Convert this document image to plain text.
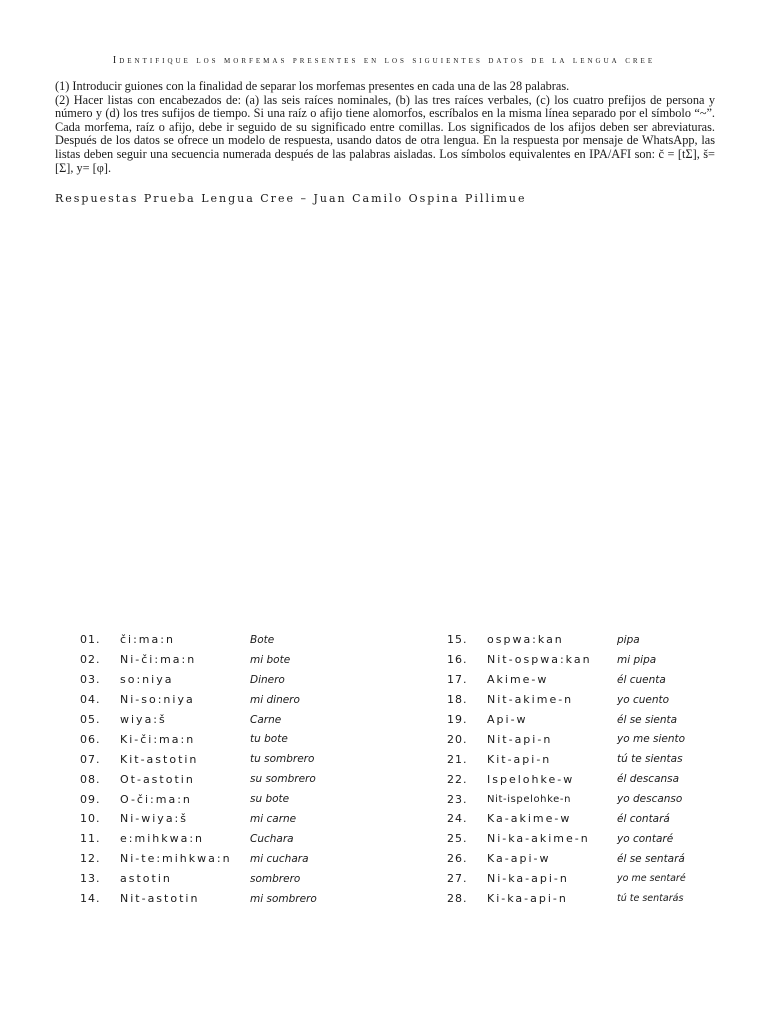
Identifique los morfemas presentes en los siguientes datos de la lengua cree

(1) Introducir guiones con la finalidad de separar los morfemas presentes en cada una de las 28 palabras.

(2) Hacer listas con encabezados de: (a) las seis raíces nominales, (b) las tres raíces verbales, (c) los cuatro prefijos de persona y número y (d) los tres sufijos de tiempo. Si una raíz o afijo tiene alomorfos, escríbalos en la misma línea separado por el símbolo “~”. Cada morfema, raíz o afijo, debe ir seguido de su significado entre comillas. Los significados de los afijos deben ser abreviaturas. Después de los datos se ofrece un modelo de respuesta, usando datos de otra lengua. En la respuesta por mensaje de WhatsApp, las listas deben seguir una secuencia numerada después de las palabras aisladas. Los símbolos equivalentes en IPA/AFI son: č = [tΣ], š= [Σ], y= [φ].

Respuestas Prueba Lengua Cree – Juan Camilo Ospina Pillimue
01.	či:ma:n	Bote
02.	Ni-či:ma:n	mi bote
03.	so:niya	Dinero
04.	Ni-so:niya	mi dinero
05.	wiya:š	Carne
06.	Ki-či:ma:n	tu bote
07.	Kit-astotin	tu sombrero
08.	Ot-astotin	su sombrero
09.	O-či:ma:n	su bote
10.	Ni-wiya:š	mi carne
11.	e:mihkwa:n	Cuchara
12.	Ni-te:mihkwa:n	mi cuchara
13.	astotin	sombrero
14.	Nit-astotin	mi sombrero
15.	ospwa:kan	pipa
16.	Nit-ospwa:kan	mi pipa
17.	Akime-w	él cuenta
18.	Nit-akime-n	yo cuento
19.	Api-w	él se sienta
20.	Nit-api-n	yo me siento
21.	Kit-api-n	tú te sientas
22.	Ispelohke-w	él descansa
23.	Nit-ispelohke-n	yo descanso
24.	Ka-akime-w	él contará
25.	Ni-ka-akime-n	yo contaré
26.	Ka-api-w	él se sentará
27.	Ni-ka-api-n	yo me sentaré
28.	Ki-ka-api-n	tú te sentarás
